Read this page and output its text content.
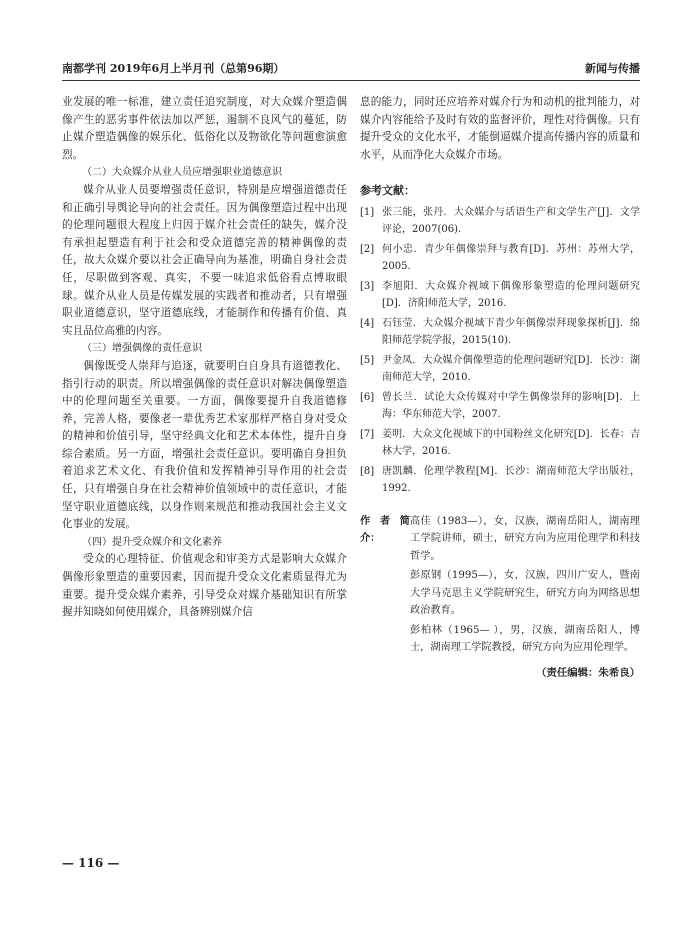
南都学刊 2019年6月上半月刊（总第96期）	新闻与传播

业发展的唯一标准，建立责任追究制度，对大众媒介塑造偶像产生的恶劣事件依法加以严惩，遏制不良风气的蔓延，防止媒介塑造偶像的娱乐化、低俗化以及物欲化等问题愈演愈烈。

（二）大众媒介从业人员应增强职业道德意识

媒介从业人员要增强责任意识，特别是应增强道德责任和正确引导舆论导向的社会责任。因为偶像塑造过程中出现的伦理问题很大程度上归因于媒介社会责任的缺失，媒介没有承担起塑造有利于社会和受众道德完善的精神偶像的责任，故大众媒介要以社会正确导向为基准，明确自身社会责任，尽职做到客观、真实，不要一味追求低俗看点博取眼球。媒介从业人员是传媒发展的实践者和推动者，只有增强职业道德意识，坚守道德底线，才能制作和传播有价值、真实且品位高雅的内容。

（三）增强偶像的责任意识

偶像既受人崇拜与追逐，就要明白自身具有道德教化、指引行动的职责。所以增强偶像的责任意识对解决偶像塑造中的伦理问题至关重要。一方面，偶像要提升自我道德修养，完善人格，要像老一辈优秀艺术家那样严格自身对受众的精神和价值引导，坚守经典文化和艺术本体性，提升自身综合素质。另一方面，增强社会责任意识。要明确自身担负着追求艺术文化、有我价值和发挥精神引导作用的社会责任，只有增强自身在社会精神价值领域中的责任意识，才能坚守职业道德底线，以身作则来规范和推动我国社会主义文化事业的发展。

（四）提升受众媒介和文化素养

受众的心理特征、价值观念和审美方式是影响大众媒介偶像形象塑造的重要因素，因而提升受众文化素质显得尤为重要。提升受众媒介素养，引导受众对媒介基础知识有所掌握并知晓如何使用媒介，具备辨别媒介信

息的能力，同时还应培养对媒介行为和动机的批判能力，对媒介内容能给予及时有效的监督评价，理性对待偶像。只有提升受众的文化水平，才能倒逼媒介提高传播内容的质量和水平，从而净化大众媒介市场。

参考文献：
[1] 张三能，张丹．大众媒介与话语生产和文学生产[J]．文学评论，2007(06).
[2] 何小忠．青少年偶像崇拜与教育[D]．苏州：苏州大学，2005.
[3] 李旭阳．大众媒介视域下偶像形象塑造的伦理问题研究[D]．济阳师范大学，2016.
[4] 石钰莹．大众媒介视域下青少年偶像崇拜现象探析[J]．绵阳师范学院学报，2015(10).
[5] 尹金凤．大众媒介偶像塑造的伦理问题研究[D]．长沙：湖南师范大学，2010.
[6] 曾长兰．试论大众传媒对中学生偶像崇拜的影响[D]．上海：华东师范大学，2007.
[7] 姜明．大众文化视域下的中国粉丝文化研究[D]．长春：吉林大学，2016.
[8] 唐凯麟．伦理学教程[M]．长沙：湖南师范大学出版社，1992.
作者简介：

高佳（1983—），女，汉族，湖南岳阳人，湖南理工学院讲师，硕士，研究方向为应用伦理学和科技哲学。

彭原钢（1995—），女，汉族，四川广安人，暨南大学马克思主义学院研究生，研究方向为网络思想政治教育。

彭柏林（1965— ），男，汉族，湖南岳阳人，博士，湖南理工学院教授，研究方向为应用伦理学。

（责任编辑：朱希良）
— 116 —
